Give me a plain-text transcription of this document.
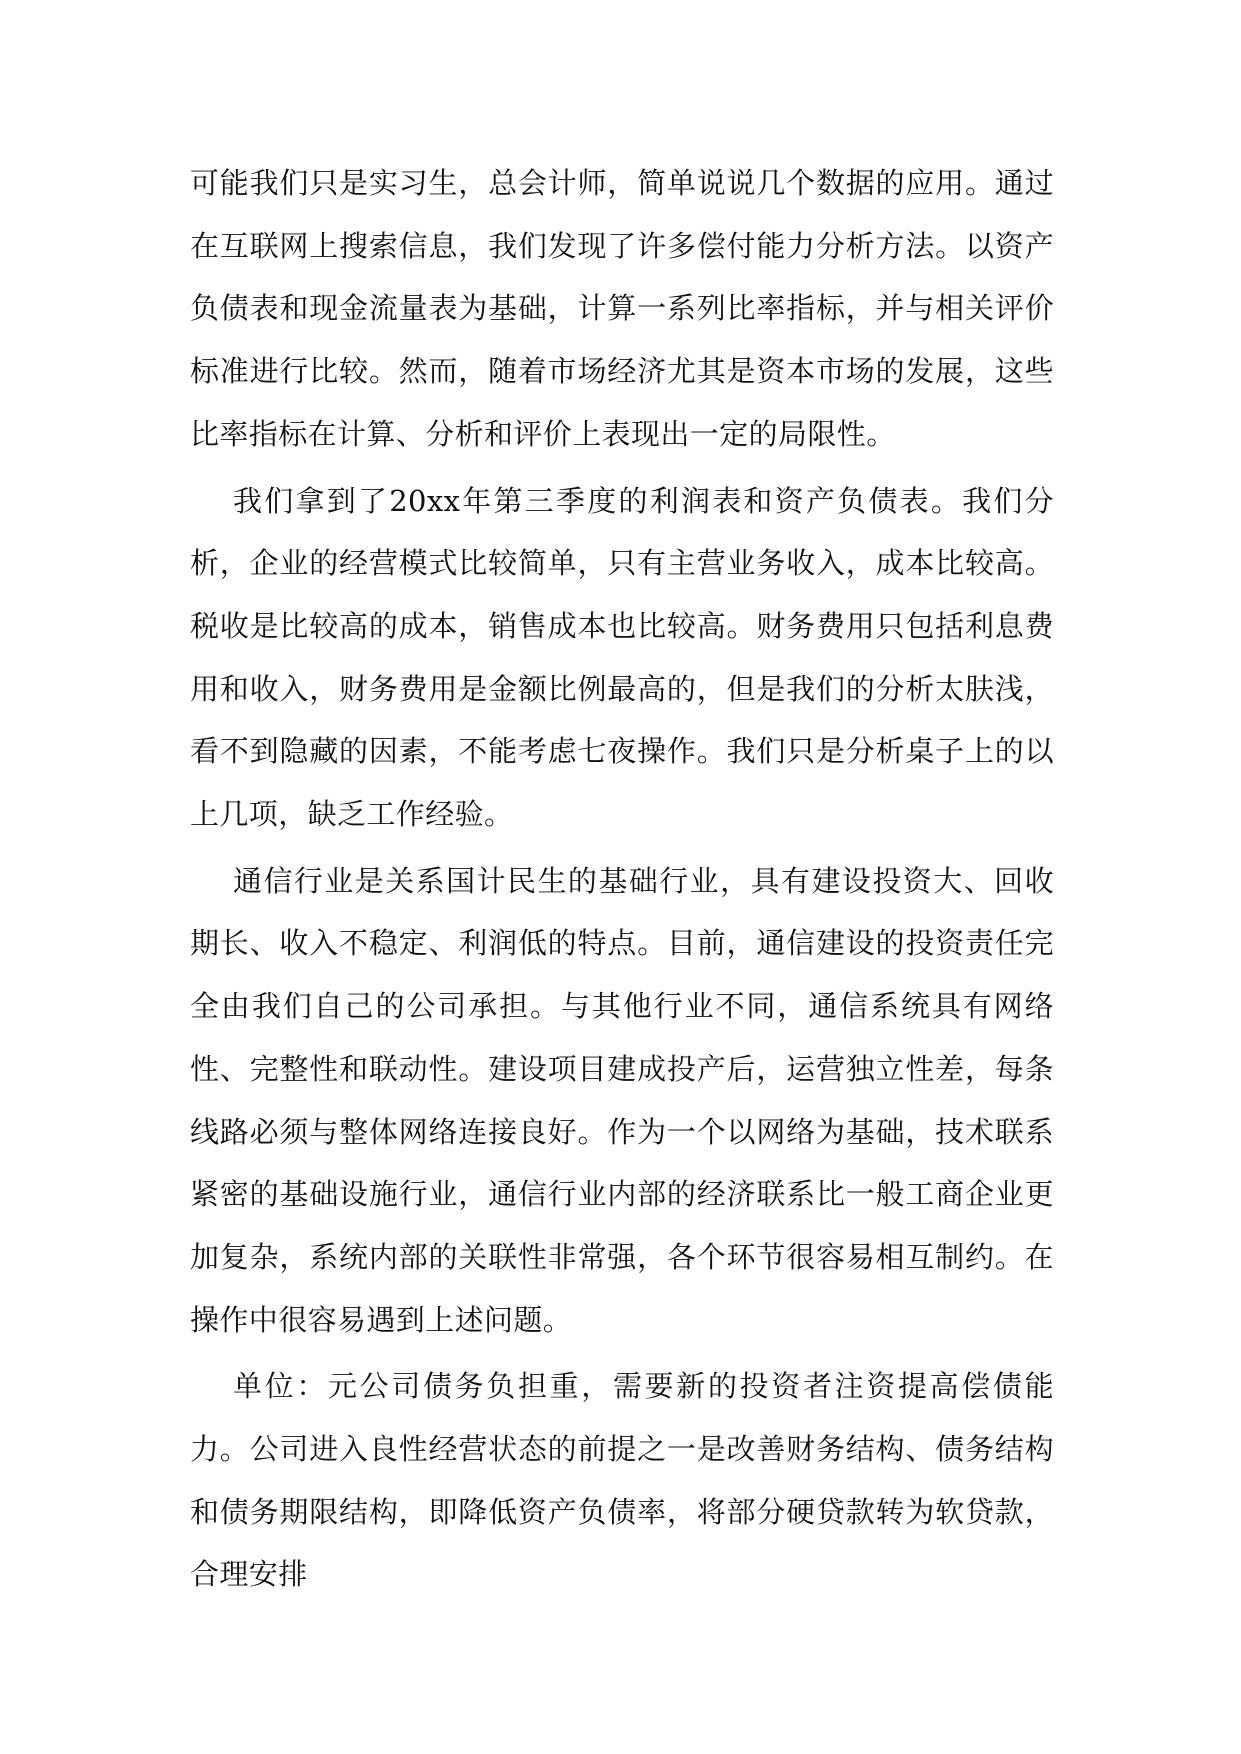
可能我们只是实习生，总会计师，简单说说几个数据的应用。通过在互联网上搜索信息，我们发现了许多偿付能力分析方法。以资产负债表和现金流量表为基础，计算一系列比率指标，并与相关评价标准进行比较。然而，随着市场经济尤其是资本市场的发展，这些比率指标在计算、分析和评价上表现出一定的局限性。

我们拿到了20xx年第三季度的利润表和资产负债表。我们分析，企业的经营模式比较简单，只有主营业务收入，成本比较高。税收是比较高的成本，销售成本也比较高。财务费用只包括利息费用和收入，财务费用是金额比例最高的，但是我们的分析太肤浅，看不到隐藏的因素，不能考虑七夜操作。我们只是分析桌子上的以上几项，缺乏工作经验。

通信行业是关系国计民生的基础行业，具有建设投资大、回收期长、收入不稳定、利润低的特点。目前，通信建设的投资责任完全由我们自己的公司承担。与其他行业不同，通信系统具有网络性、完整性和联动性。建设项目建成投产后，运营独立性差，每条线路必须与整体网络连接良好。作为一个以网络为基础，技术联系紧密的基础设施行业，通信行业内部的经济联系比一般工商企业更加复杂，系统内部的关联性非常强，各个环节很容易相互制约。在操作中很容易遇到上述问题。

单位：元公司债务负担重，需要新的投资者注资提高偿债能力。公司进入良性经营状态的前提之一是改善财务结构、债务结构和债务期限结构，即降低资产负债率，将部分硬贷款转为软贷款，合理安排
